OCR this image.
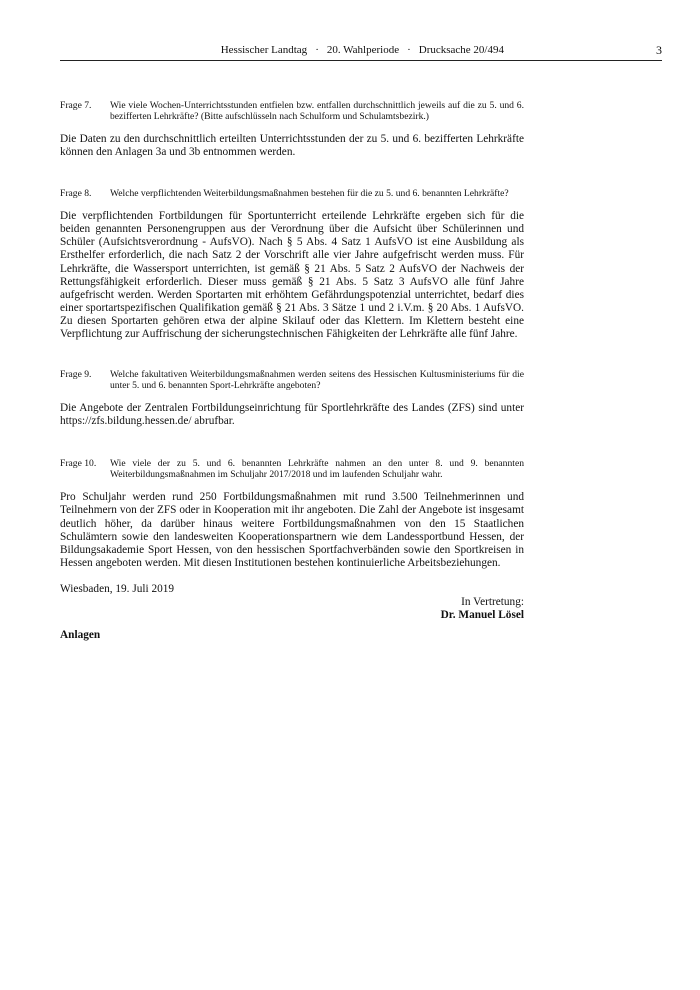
Hessischer Landtag · 20. Wahlperiode · Drucksache 20/494	3
Frage 7.	Wie viele Wochen-Unterrichtsstunden entfielen bzw. entfallen durchschnittlich jeweils auf die zu 5. und 6. bezifferten Lehrkräfte? (Bitte aufschlüsseln nach Schulform und Schulamtsbezirk.)
Die Daten zu den durchschnittlich erteilten Unterrichtsstunden der zu 5. und 6. bezifferten Lehrkräfte können den Anlagen 3a und 3b entnommen werden.
Frage 8.	Welche verpflichtenden Weiterbildungsmaßnahmen bestehen für die zu 5. und 6. benannten Lehrkräfte?
Die verpflichtenden Fortbildungen für Sportunterricht erteilende Lehrkräfte ergeben sich für die beiden genannten Personengruppen aus der Verordnung über die Aufsicht über Schülerinnen und Schüler (Aufsichtsverordnung - AufsVO). Nach § 5 Abs. 4 Satz 1 AufsVO ist eine Ausbildung als Ersthelfer erforderlich, die nach Satz 2 der Vorschrift alle vier Jahre aufgefrischt werden muss. Für Lehrkräfte, die Wassersport unterrichten, ist gemäß § 21 Abs. 5 Satz 2 AufsVO der Nachweis der Rettungsfähigkeit erforderlich. Dieser muss gemäß § 21 Abs. 5 Satz 3 AufsVO alle fünf Jahre aufgefrischt werden. Werden Sportarten mit erhöhtem Gefährdungspotenzial unterrichtet, bedarf dies einer sportartspezifischen Qualifikation gemäß § 21 Abs. 3 Sätze 1 und 2 i.V.m. § 20 Abs. 1 AufsVO. Zu diesen Sportarten gehören etwa der alpine Skilauf oder das Klettern. Im Klettern besteht eine Verpflichtung zur Auffrischung der sicherungstechnischen Fähigkeiten der Lehrkräfte alle fünf Jahre.
Frage 9.	Welche fakultativen Weiterbildungsmaßnahmen werden seitens des Hessischen Kultusministeriums für die unter 5. und 6. benannten Sport-Lehrkräfte angeboten?
Die Angebote der Zentralen Fortbildungseinrichtung für Sportlehrkräfte des Landes (ZFS) sind unter https://zfs.bildung.hessen.de/ abrufbar.
Frage 10.	Wie viele der zu 5. und 6. benannten Lehrkräfte nahmen an den unter 8. und 9. benannten Weiterbildungsmaßnahmen im Schuljahr 2017/2018 und im laufenden Schuljahr wahr.
Pro Schuljahr werden rund 250 Fortbildungsmaßnahmen mit rund 3.500 Teilnehmerinnen und Teilnehmern von der ZFS oder in Kooperation mit ihr angeboten. Die Zahl der Angebote ist insgesamt deutlich höher, da darüber hinaus weitere Fortbildungsmaßnahmen von den 15 Staatlichen Schulämtern sowie den landesweiten Kooperationspartnern wie dem Landessportbund Hessen, der Bildungsakademie Sport Hessen, von den hessischen Sportfachverbänden sowie den Sportkreisen in Hessen angeboten werden. Mit diesen Institutionen bestehen kontinuierliche Arbeitsbeziehungen.
Wiesbaden, 19. Juli 2019
In Vertretung:
Dr. Manuel Lösel
Anlagen
